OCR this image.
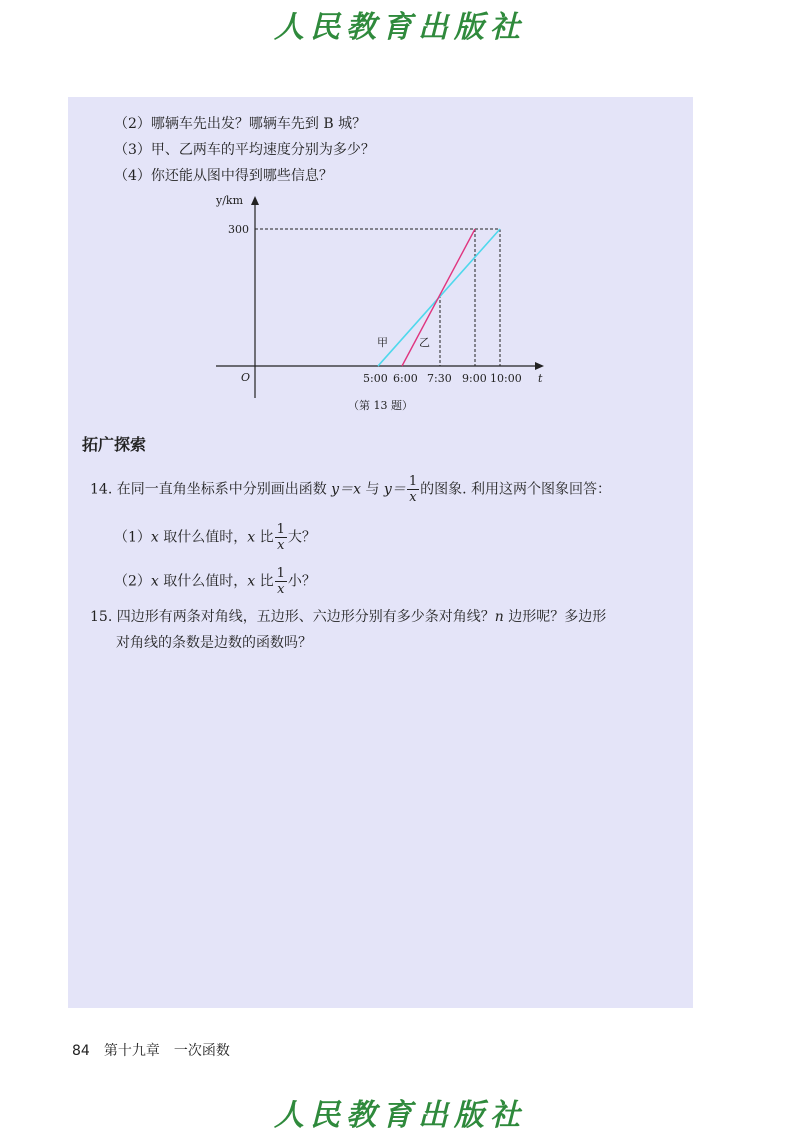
人民教育出版社
（2）哪辆车先出发？哪辆车先到 B 城？
（3）甲、乙两车的平均速度分别为多少？
（4）你还能从图中得到哪些信息？
y/km
t
O
300
甲	乙
5:00 6:00 7:30 9:00 10:00
（第 13 题）
拓广探索
14. 在同一直角坐标系中分别画出函数 y＝x 与 $y= \frac{1}{x}$ 的图象. 利用这两个图象回答：
（1）x 取什么值时，x 比 $\frac{1}{x}$ 大？
（2）x 取什么值时，x 比 $\frac{1}{x}$ 小？
15. 四边形有两条对角线，五边形、六边形分别有多少条对角线？n 边形呢？多边形
对角线的条数是边数的函数吗？
84 第十九章 一次函数
人民教育出版社
